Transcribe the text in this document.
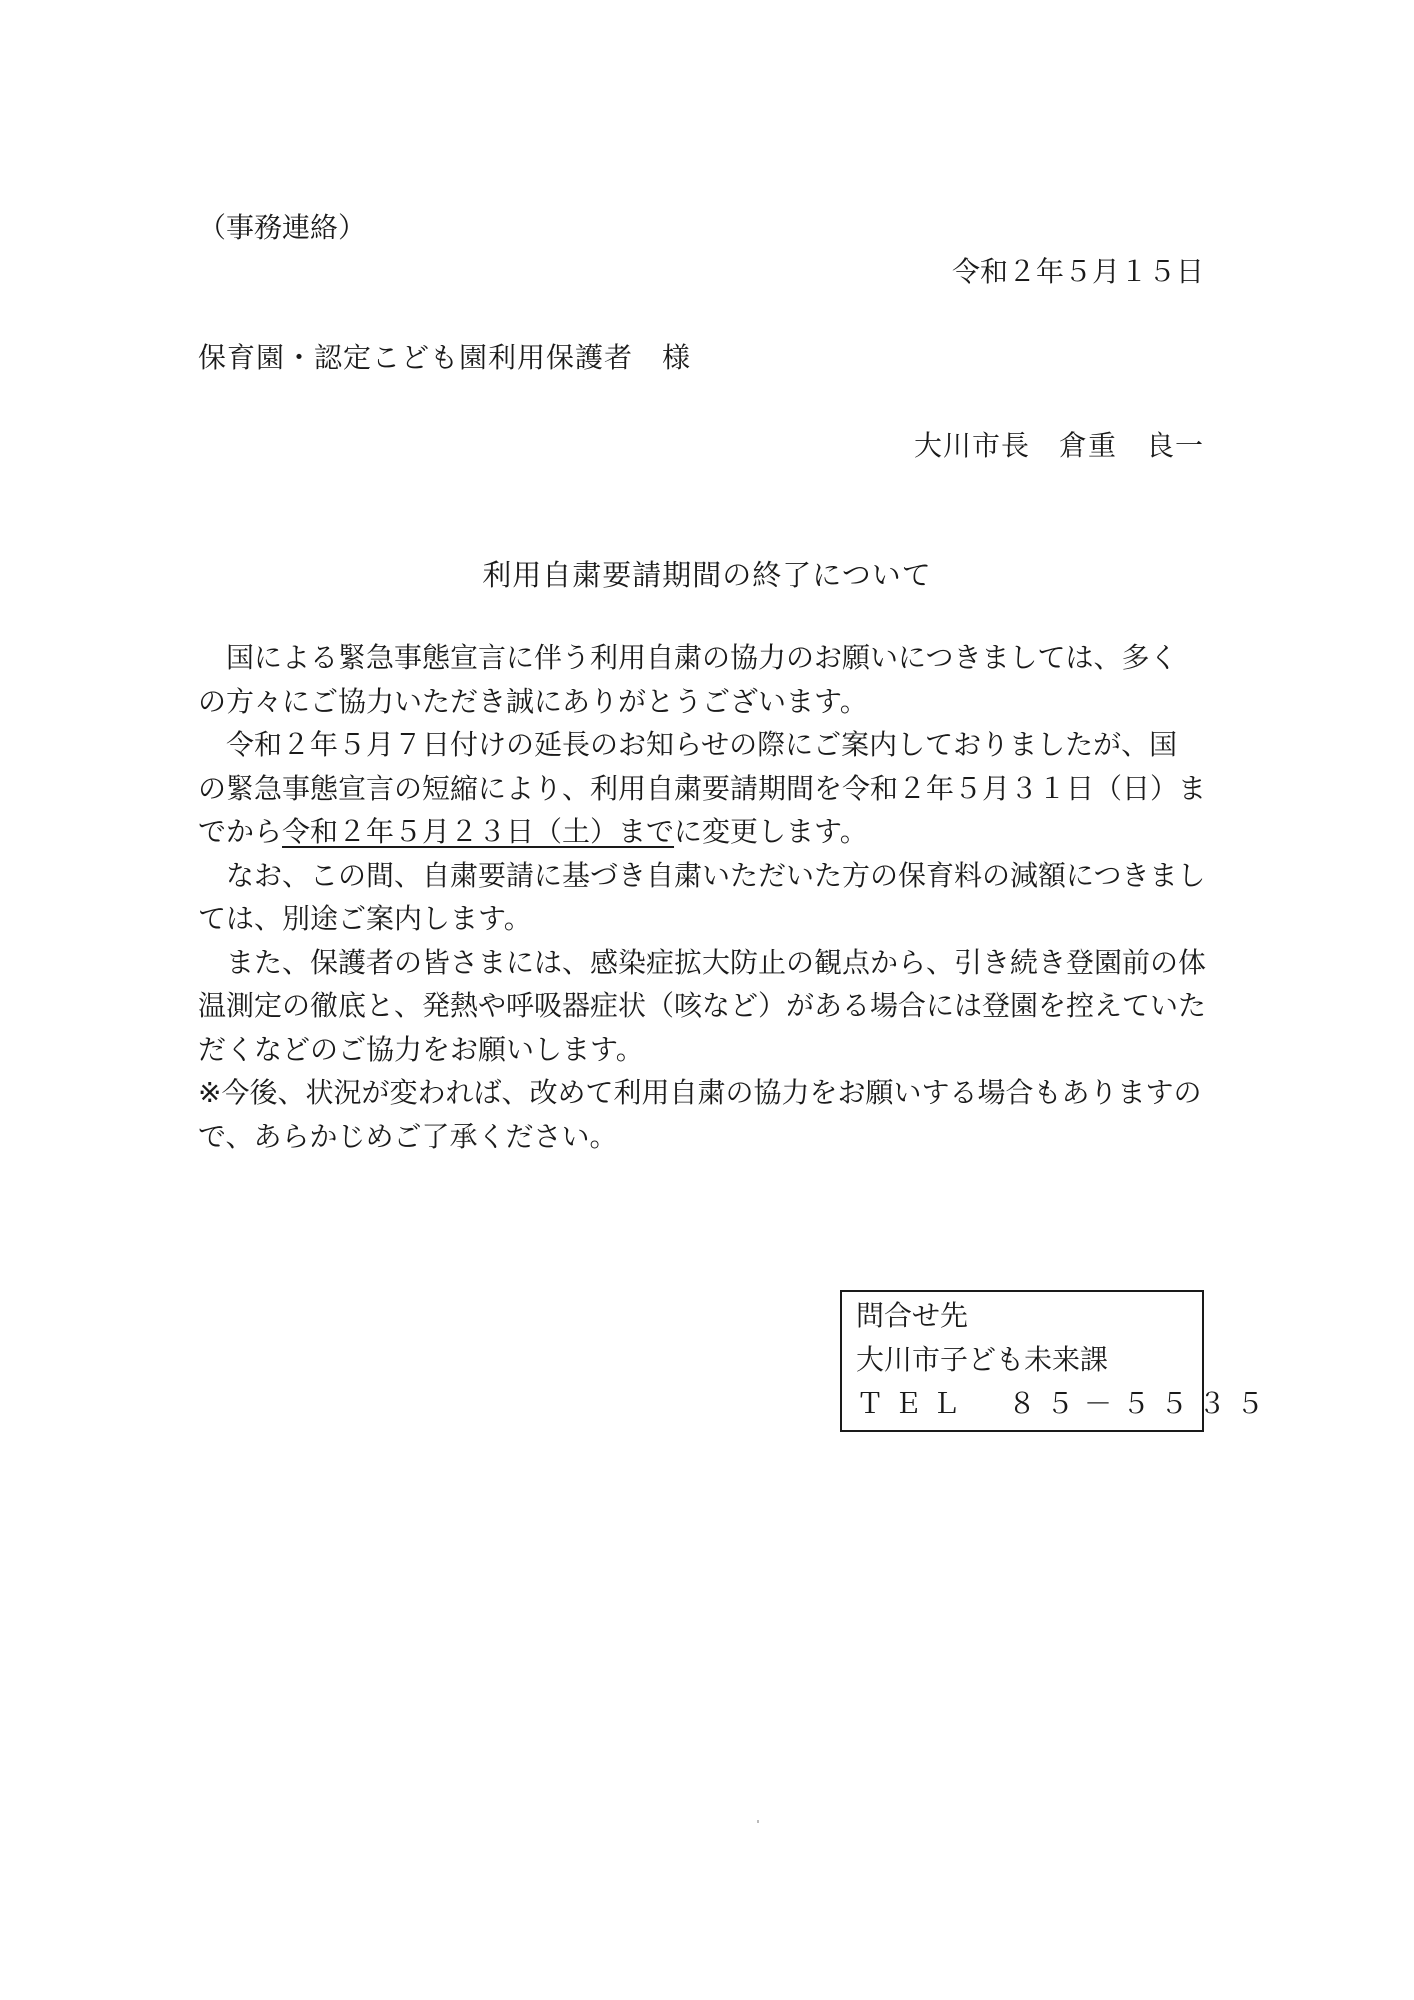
（事務連絡）
令和２年５月１５日
保育園・認定こども園利用保護者　様
大川市長　倉重　良一
利用自粛要請期間の終了について
　国による緊急事態宣言に伴う利用自粛の協力のお願いにつきましては、多く
の方々にご協力いただき誠にありがとうございます。
　令和２年５月７日付けの延長のお知らせの際にご案内しておりましたが、国
の緊急事態宣言の短縮により、利用自粛要請期間を令和２年５月３１日（日）ま
でから令和２年５月２３日（土）までに変更します。
　なお、この間、自粛要請に基づき自粛いただいた方の保育料の減額につきまし
ては、別途ご案内します。
　また、保護者の皆さまには、感染症拡大防止の観点から、引き続き登園前の体
温測定の徹底と、発熱や呼吸器症状（咳など）がある場合には登園を控えていた
だくなどのご協力をお願いします。
※今後、状況が変われば、改めて利用自粛の協力をお願いする場合もありますの
で、あらかじめご了承ください。
問合せ先
大川市子ども未来課
ＴＥＬ　８５－５５３５
